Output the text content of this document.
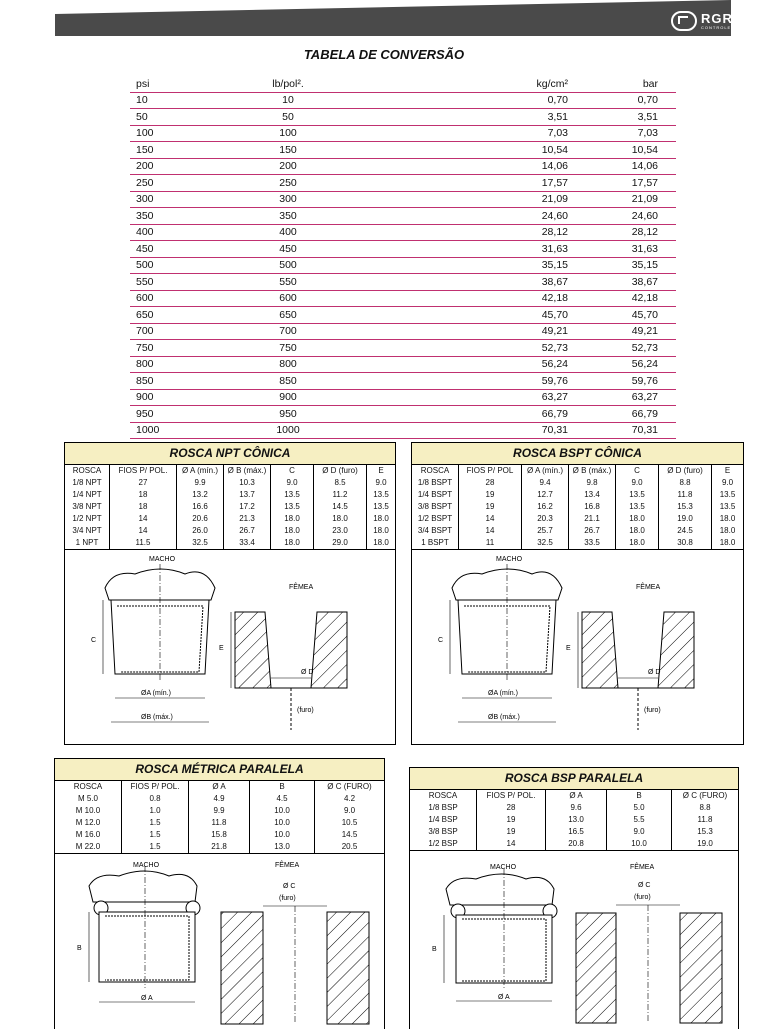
RGR
CONTROLES 37
TABELA DE CONVERSÃO
psi	lb/pol².	kg/cm²	bar
10	10	0,70	0,70
50	50	3,51	3,51
100	100	7,03	7,03
150	150	10,54	10,54
200	200	14,06	14,06
250	250	17,57	17,57
300	300	21,09	21,09
350	350	24,60	24,60
400	400	28,12	28,12
450	450	31,63	31,63
500	500	35,15	35,15
550	550	38,67	38,67
600	600	42,18	42,18
650	650	45,70	45,70
700	700	49,21	49,21
750	750	52,73	52,73
800	800	56,24	56,24
850	850	59,76	59,76
900	900	63,27	63,27
950	950	66,79	66,79
1000	1000	70,31	70,31
ROSCA NPT CÔNICA
ROSCA	FIOS P/ POL.	Ø A (mín.)	Ø B (máx.)	C	Ø D (furo)	E
1/8 NPT	27	9.9	10.3	9.0	8.5	9.0
1/4 NPT	18	13.2	13.7	13.5	11.2	13.5
3/8 NPT	18	16.6	17.2	13.5	14.5	13.5
1/2 NPT	14	20.6	21.3	18.0	18.0	18.0
3/4 NPT	14	26.0	26.7	18.0	23.0	18.0
1 NPT	11.5	32.5	33.4	18.0	29.0	18.0
MACHO
C
ØA (mín.)
ØB (máx.)
FÊMEA
Ø D
(furo)
E
ROSCA BSPT CÔNICA
ROSCA	FIOS P/ POL	Ø A (mín.)	Ø B (máx.)	C	Ø D (furo)	E
1/8 BSPT	28	9.4	9.8	9.0	8.8	9.0
1/4 BSPT	19	12.7	13.4	13.5	11.8	13.5
3/8 BSPT	19	16.2	16.8	13.5	15.3	13.5
1/2 BSPT	14	20.3	21.1	18.0	19.0	18.0
3/4 BSPT	14	25.7	26.7	18.0	24.5	18.0
1 BSPT	11	32.5	33.5	18.0	30.8	18.0
MACHO
C
ØA (mín.)
ØB (máx.)
FÊMEA
Ø D
(furo)
E
ROSCA MÉTRICA PARALELA
ROSCA	FIOS P/ POL.	Ø A	B	Ø C (FURO)
M 5.0	0.8	4.9	4.5	4.2
M 10.0	1.0	9.9	10.0	9.0
M 12.0	1.5	11.8	10.0	10.5
M 16.0	1.5	15.8	10.0	14.5
M 22.0	1.5	21.8	13.0	20.5
MACHO
B
Ø A
FÊMEA
Ø C
(furo)
ROSCA BSP PARALELA
ROSCA	FIOS P/ POL.	Ø A	B	Ø C (FURO)
1/8 BSP	28	9.6	5.0	8.8
1/4 BSP	19	13.0	5.5	11.8
3/8 BSP	19	16.5	9.0	15.3
1/2 BSP	14	20.8	10.0	19.0
MACHO
B
Ø A
FÊMEA
Ø C
(furo)
